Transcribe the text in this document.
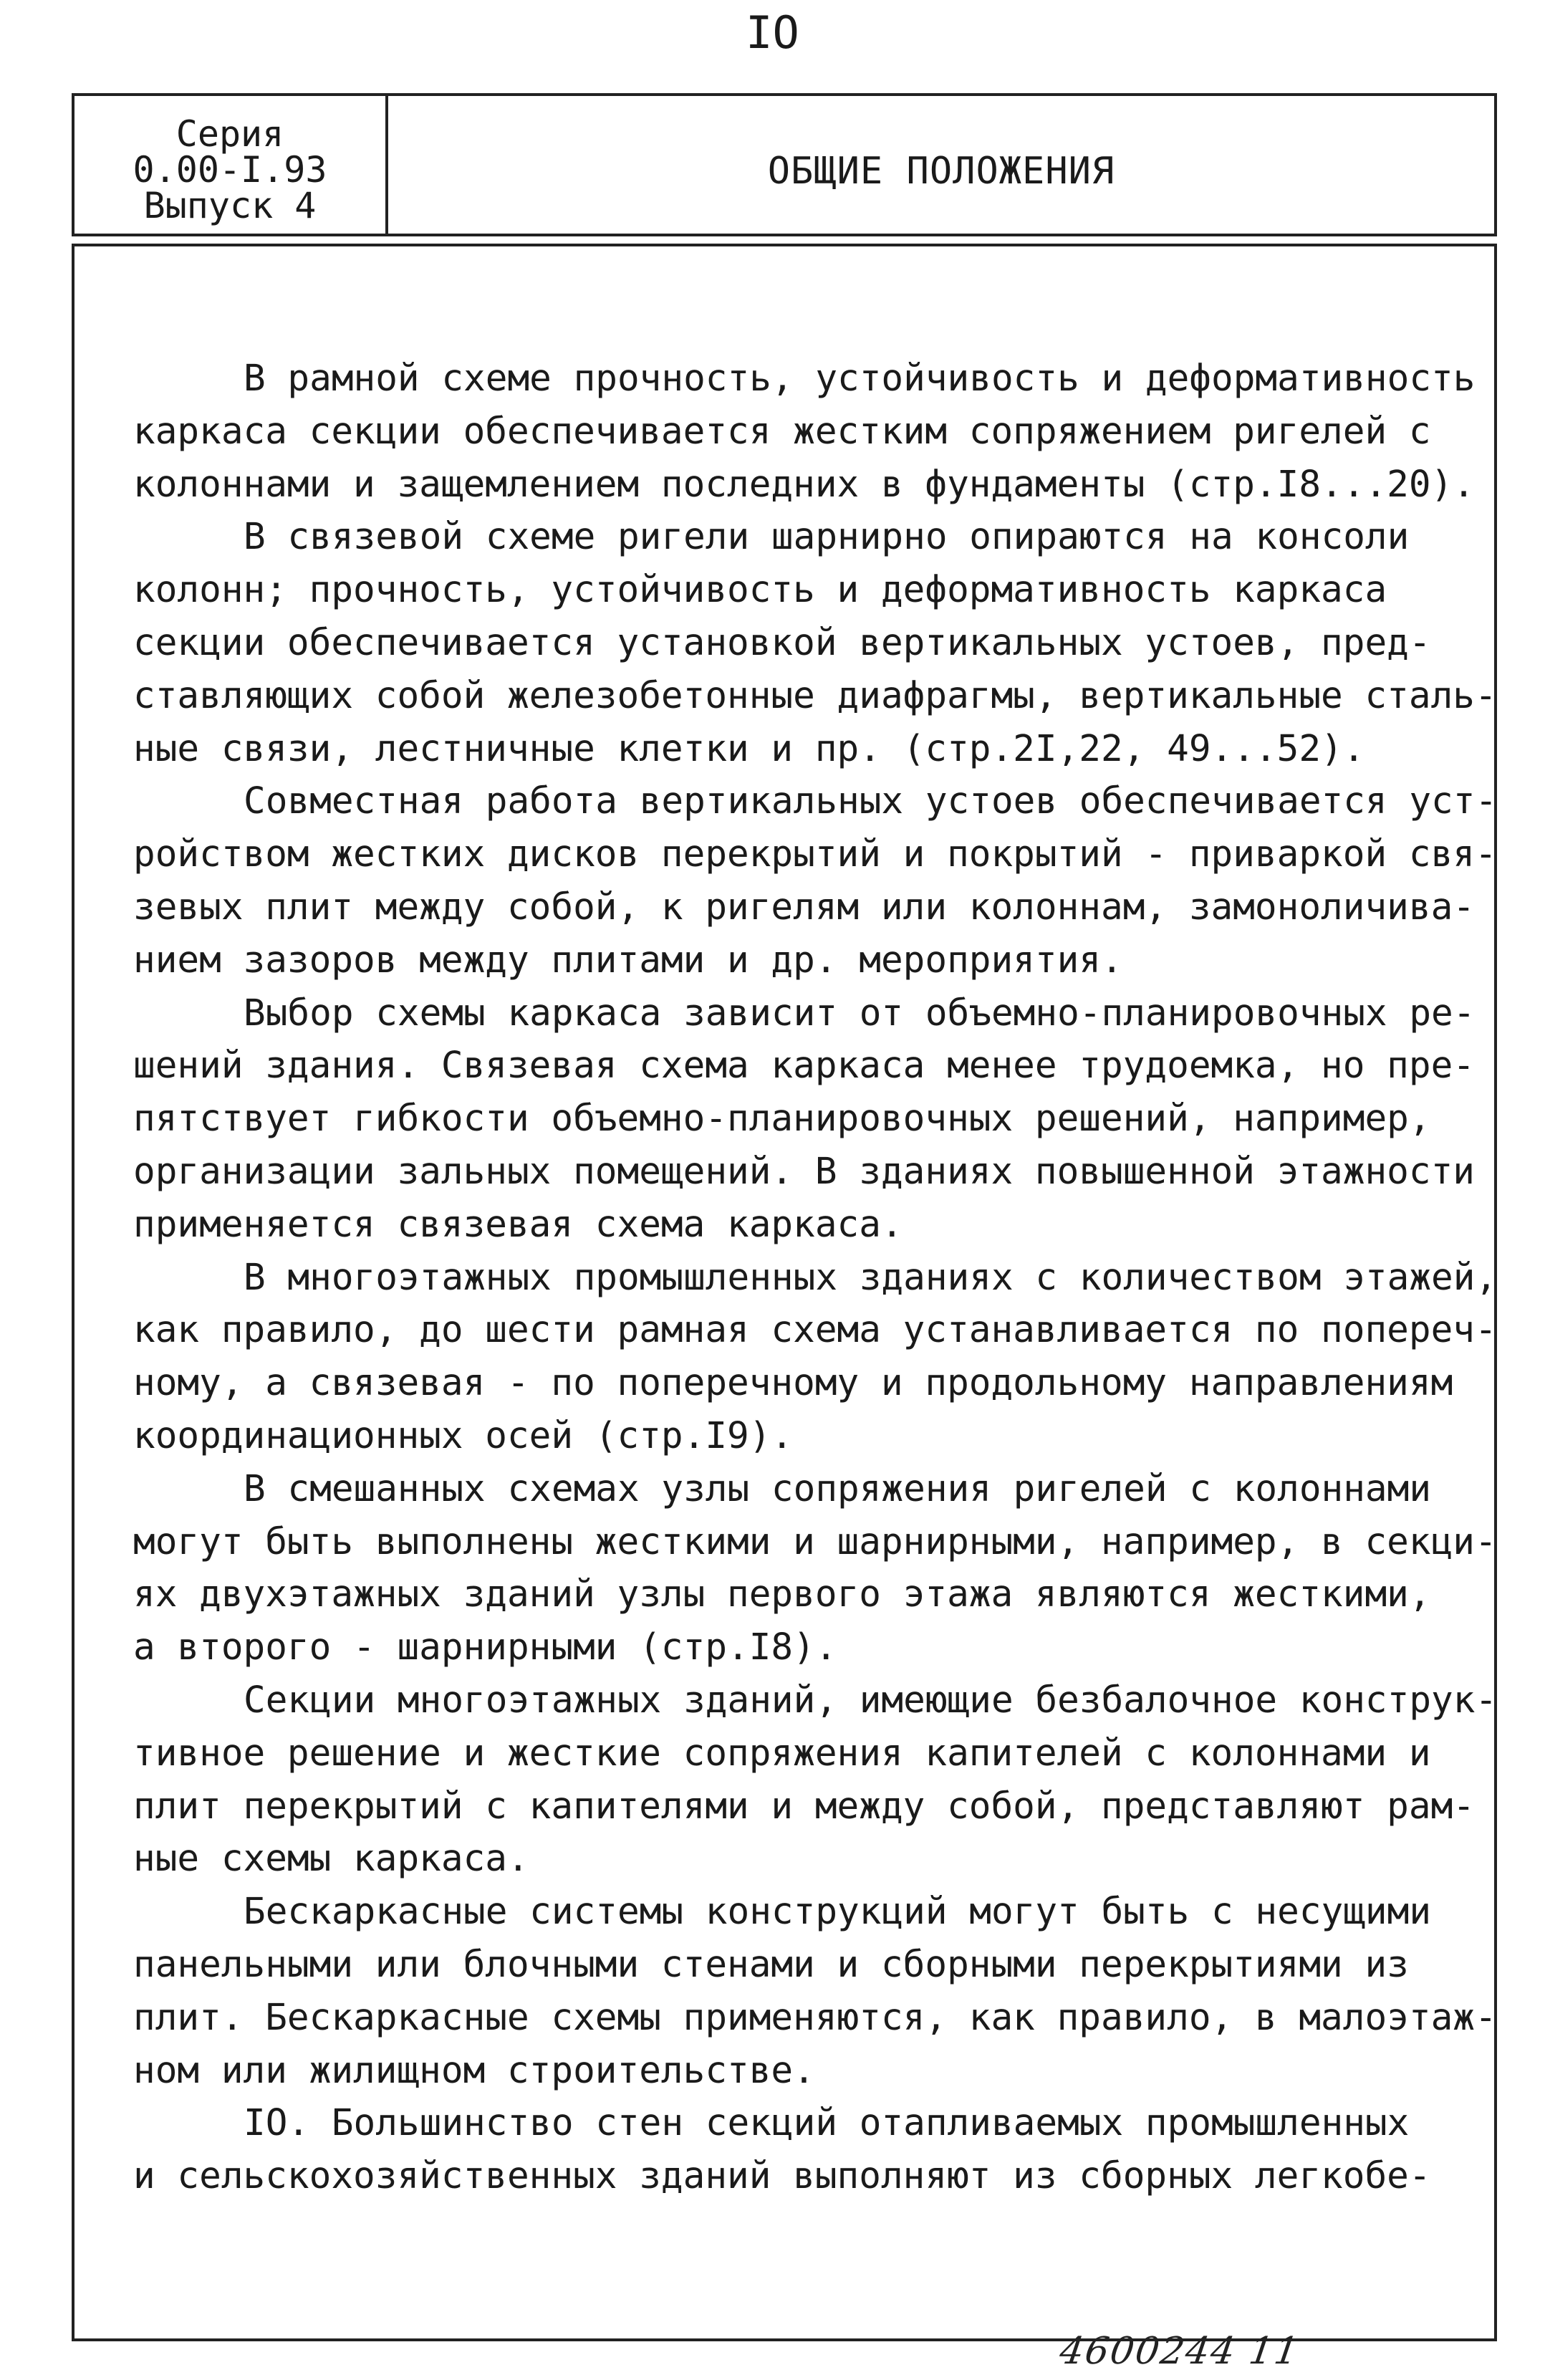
IO
Серия
0.00-I.93
Выпуск 4
ОБЩИЕ ПОЛОЖЕНИЯ
В рамной схеме прочность, устойчивость и деформативность
каркаса секции обеспечивается жестким сопряжением ригелей с
колоннами и защемлением последних в фундаменты (стр.I8...20).
В связевой схеме ригели шарнирно опираются на консоли
колонн; прочность, устойчивость и деформативность каркаса
секции обеспечивается установкой вертикальных устоев, пред-
ставляющих собой железобетонные диафрагмы, вертикальные сталь-
ные связи, лестничные клетки и пр. (стр.2I,22, 49...52).
Совместная работа вертикальных устоев обеспечивается уст-
ройством жестких дисков перекрытий и покрытий - приваркой свя-
зевых плит между собой, к ригелям или колоннам, замоноличива-
нием зазоров между плитами и др. мероприятия.
Выбор схемы каркаса зависит от объемно-планировочных ре-
шений здания. Связевая схема каркаса менее трудоемка, но пре-
пятствует гибкости объемно-планировочных решений, например,
организации зальных помещений. В зданиях повышенной этажности
применяется связевая схема каркаса.
В многоэтажных промышленных зданиях с количеством этажей,
как правило, до шести рамная схема устанавливается по попереч-
ному, а связевая - по поперечному и продольному направлениям
координационных осей (стр.I9).
В смешанных схемах узлы сопряжения ригелей с колоннами
могут быть выполнены жесткими и шарнирными, например, в секци-
ях двухэтажных зданий узлы первого этажа являются жесткими,
а второго - шарнирными (стр.I8).
Секции многоэтажных зданий, имеющие безбалочное конструк-
тивное решение и жесткие сопряжения капителей с колоннами и
плит перекрытий с капителями и между собой, представляют рам-
ные схемы каркаса.
Бескаркасные системы конструкций могут быть с несущими
панельными или блочными стенами и сборными перекрытиями из
плит. Бескаркасные схемы применяются, как правило, в малоэтаж-
ном или жилищном строительстве.
IO. Большинство стен секций отапливаемых промышленных
и сельскохозяйственных зданий выполняют из сборных легкобе-
4600244 11
